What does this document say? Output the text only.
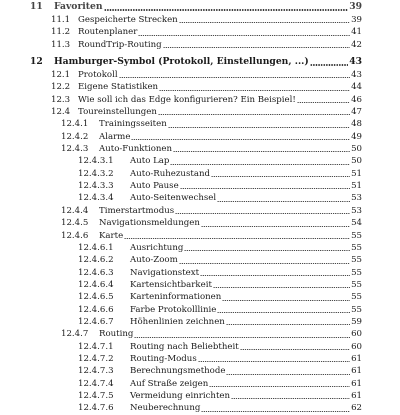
11	Favoriten	39
11.1 Gespeicherte Strecken	39
11.2 Routenplaner	41
11.3 RoundTrip-Routing	42
12	Hamburger-Symbol (Protokoll, Einstellungen, ...)	43
12.1 Protokoll	43
12.2 Eigene Statistiken	44
12.3 Wie soll ich das Edge konfigurieren? Ein Beispiel!	46
12.4 Toureinstellungen	47
12.4.1	Trainingsseiten	48
12.4.2	Alarme	49
12.4.3	Auto-Funktionen	50
12.4.3.1	Auto Lap	50
12.4.3.2	Auto-Ruhezustand	51
12.4.3.3	Auto Pause	51
12.4.3.4	Auto-Seitenwechsel	53
12.4.4	Timerstartmodus	53
12.4.5	Navigationsmeldungen	54
12.4.6	Karte	55
12.4.6.1	Ausrichtung	55
12.4.6.2	Auto-Zoom	55
12.4.6.3	Navigationstext	55
12.4.6.4	Kartensichtbarkeit	55
12.4.6.5	Karteninformationen	55
12.4.6.6	Farbe Protokolllinie	55
12.4.6.7	Höhenlinien zeichnen	59
12.4.7	Routing	60
12.4.7.1	Routing nach Beliebtheit	60
12.4.7.2	Routing-Modus	61
12.4.7.3	Berechnungsmethode	61
12.4.7.4	Auf Straße zeigen	61
12.4.7.5	Vermeidung einrichten	61
12.4.7.6	Neuberechnung	62
